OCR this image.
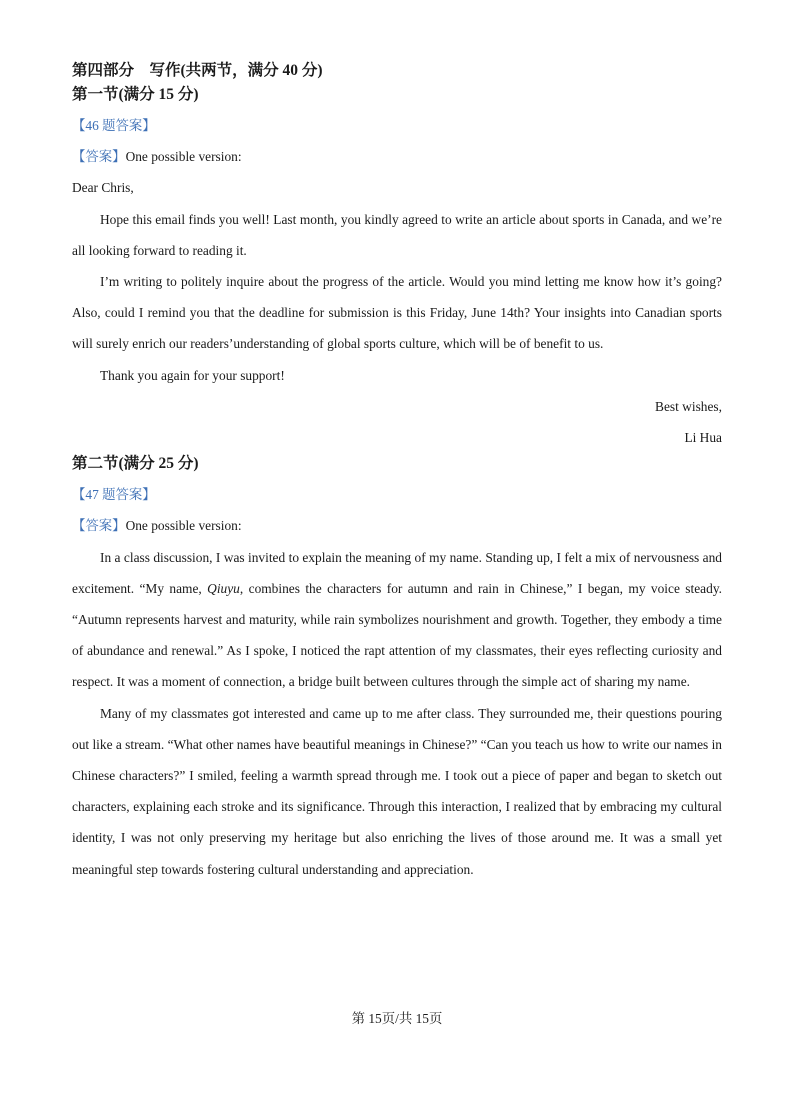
第四部分　写作(共两节，满分 40 分)
第一节(满分 15 分)
【46 题答案】
【答案】One possible version:
Dear Chris,
Hope this email finds you well! Last month, you kindly agreed to write an article about sports in Canada, and we’re all looking forward to reading it.
I’m writing to politely inquire about the progress of the article. Would you mind letting me know how it’s going? Also, could I remind you that the deadline for submission is this Friday, June 14th? Your insights into Canadian sports will surely enrich our readers’understanding of global sports culture, which will be of benefit to us.
Thank you again for your support!
Best wishes,
Li Hua
第二节(满分 25 分)
【47 题答案】
【答案】One possible version:
In a class discussion, I was invited to explain the meaning of my name. Standing up, I felt a mix of nervousness and excitement. “My name, Qiuyu, combines the characters for autumn and rain in Chinese,” I began, my voice steady. “Autumn represents harvest and maturity, while rain symbolizes nourishment and growth. Together, they embody a time of abundance and renewal.” As I spoke, I noticed the rapt attention of my classmates, their eyes reflecting curiosity and respect. It was a moment of connection, a bridge built between cultures through the simple act of sharing my name.
Many of my classmates got interested and came up to me after class. They surrounded me, their questions pouring out like a stream. “What other names have beautiful meanings in Chinese?” “Can you teach us how to write our names in Chinese characters?” I smiled, feeling a warmth spread through me. I took out a piece of paper and began to sketch out characters, explaining each stroke and its significance. Through this interaction, I realized that by embracing my cultural identity, I was not only preserving my heritage but also enriching the lives of those around me. It was a small yet meaningful step towards fostering cultural understanding and appreciation.
第 15页/共 15页
